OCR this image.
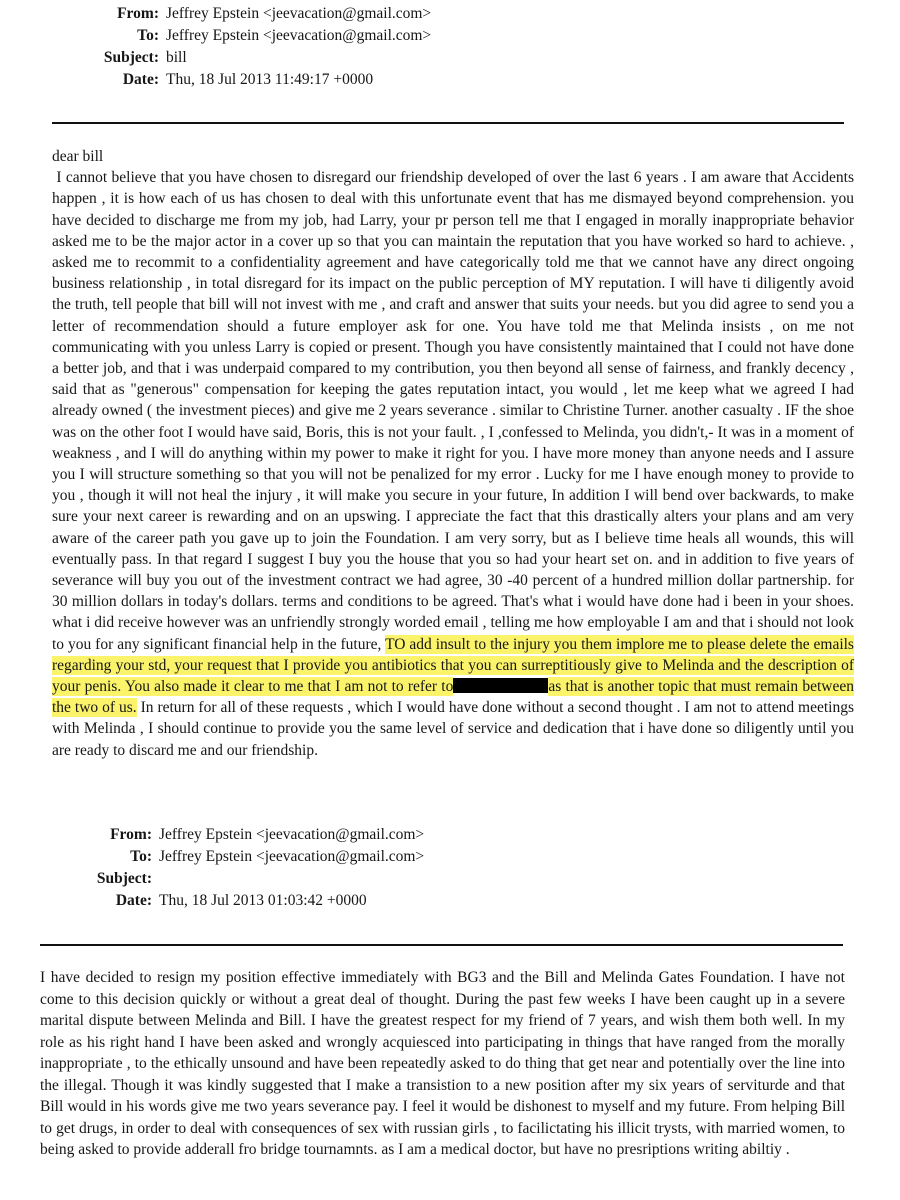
From: Jeffrey Epstein <jeevacation@gmail.com>
To: Jeffrey Epstein <jeevacation@gmail.com>
Subject: bill
Date: Thu, 18 Jul 2013 11:49:17 +0000
dear bill

I cannot believe that you have chosen to disregard our friendship developed of over the last 6 years . I am aware that Accidents happen , it is how each of us has chosen to deal with this unfortunate event that has me dismayed beyond comprehension. you have decided to discharge me from my job, had Larry, your pr person tell me that I engaged in morally inappropriate behavior asked me to be the major actor in a cover up so that you can maintain the reputation that you have worked so hard to achieve. , asked me to recommit to a confidentiality agreement and have categorically told me that we cannot have any direct ongoing business relationship , in total disregard for its impact on the public perception of MY reputation. I will have ti diligently avoid the truth, tell people that bill will not invest with me , and craft and answer that suits your needs. but you did agree to send you a letter of recommendation should a future employer ask for one. You have told me that Melinda insists , on me not communicating with you unless Larry is copied or present. Though you have consistently maintained that I could not have done a better job, and that i was underpaid compared to my contribution, you then beyond all sense of fairness, and frankly decency , said that as "generous" compensation for keeping the gates reputation intact, you would , let me keep what we agreed I had already owned ( the investment pieces) and give me 2 years severance . similar to Christine Turner. another casualty . IF the shoe was on the other foot I would have said, Boris, this is not your fault. , I ,confessed to Melinda, you didn't,- It was in a moment of weakness , and I will do anything within my power to make it right for you. I have more money than anyone needs and I assure you I will structure something so that you will not be penalized for my error . Lucky for me I have enough money to provide to you , though it will not heal the injury , it will make you secure in your future, In addition I will bend over backwards, to make sure your next career is rewarding and on an upswing. I appreciate the fact that this drastically alters your plans and am very aware of the career path you gave up to join the Foundation. I am very sorry, but as I believe time heals all wounds, this will eventually pass. In that regard I suggest I buy you the house that you so had your heart set on. and in addition to five years of severance will buy you out of the investment contract we had agree, 30 -40 percent of a hundred million dollar partnership. for 30 million dollars in today's dollars. terms and conditions to be agreed. That's what i would have done had i been in your shoes. what i did receive however was an unfriendly strongly worded email , telling me how employable I am and that i should not look to you for any significant financial help in the future, TO add insult to the injury you them implore me to please delete the emails regarding your std, your request that I provide you antibiotics that you can surreptitiously give to Melinda and the description of your penis. You also made it clear to me that I am not to refer to	as that is another topic that must remain between the two of us. In return for all of these requests , which I would have done without a second thought . I am not to attend meetings with Melinda , I should continue to provide you the same level of service and dedication that i have done so diligently until you are ready to discard me and our friendship.

From: Jeffrey Epstein <jeevacation@gmail.com>
To: Jeffrey Epstein <jeevacation@gmail.com>
Subject:
Date: Thu, 18 Jul 2013 01:03:42 +0000

I have decided to resign my position effective immediately with BG3 and the Bill and Melinda Gates Foundation. I have not come to this decision quickly or without a great deal of thought. During the past few weeks I have been caught up in a severe marital dispute between Melinda and Bill. I have the greatest respect for my friend of 7 years, and wish them both well. In my role as his right hand I have been asked and wrongly acquiesced into participating in things that have ranged from the morally inappropriate , to the ethically unsound and have been repeatedly asked to do thing that get near and potentially over the line into the illegal. Though it was kindly suggested that I make a transistion to a new position after my six years of serviturde and that Bill would in his words give me two years severance pay. I feel it would be dishonest to myself and my future. From helping Bill to get drugs, in order to deal with consequences of sex with russian girls , to facilictating his illicit trysts, with married women, to being asked to provide adderall fro bridge tournamnts. as I am a medical doctor, but have no presriptions writing abiltiy .
